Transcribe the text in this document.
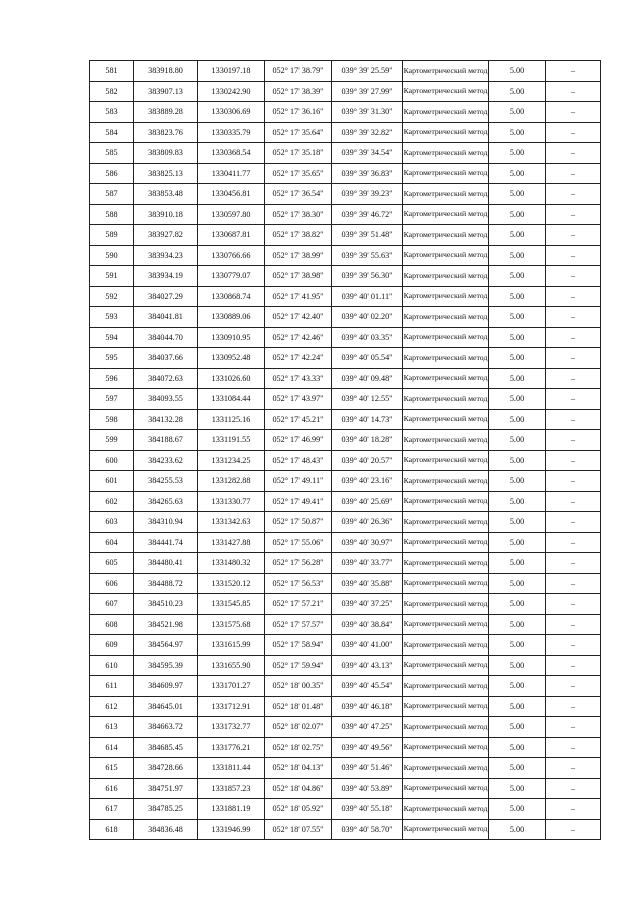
581	383918.80	1330197.18	052° 17' 38.79"	039° 39' 25.59"	Картометрический метод	5.00	–
582	383907.13	1330242.90	052° 17' 38.39"	039° 39' 27.99"	Картометрический метод	5.00	–
583	383889.28	1330306.69	052° 17' 36.16"	039° 39' 31.30"	Картометрический метод	5.00	–
584	383823.76	1330335.79	052° 17' 35.64"	039° 39' 32.82"	Картометрический метод	5.00	–
585	383809.83	1330368.54	052° 17' 35.18"	039° 39' 34.54"	Картометрический метод	5.00	–
586	383825.13	1330411.77	052° 17' 35.65"	039° 39' 36.83"	Картометрический метод	5.00	–
587	383853.48	1330456.81	052° 17' 36.54"	039° 39' 39.23"	Картометрический метод	5.00	–
588	383910.18	1330597.80	052° 17' 38.30"	039° 39' 46.72"	Картометрический метод	5.00	–
589	383927.82	1330687.81	052° 17' 38.82"	039° 39' 51.48"	Картометрический метод	5.00	–
590	383934.23	1330766.66	052° 17' 38.99"	039° 39' 55.63"	Картометрический метод	5.00	–
591	383934.19	1330779.07	052° 17' 38.98"	039° 39' 56.30"	Картометрический метод	5.00	–
592	384027.29	1330868.74	052° 17' 41.95"	039° 40' 01.11"	Картометрический метод	5.00	–
593	384041.81	1330889.06	052° 17' 42.40"	039° 40' 02.20"	Картометрический метод	5.00	–
594	384044.70	1330910.95	052° 17' 42.46"	039° 40' 03.35"	Картометрический метод	5.00	–
595	384037.66	1330952.48	052° 17' 42.24"	039° 40' 05.54"	Картометрический метод	5.00	–
596	384072.63	1331026.60	052° 17' 43.33"	039° 40' 09.48"	Картометрический метод	5.00	–
597	384093.55	1331084.44	052° 17' 43.97"	039° 40' 12.55"	Картометрический метод	5.00	–
598	384132.28	1331125.16	052° 17' 45.21"	039° 40' 14.73"	Картометрический метод	5.00	–
599	384188.67	1331191.55	052° 17' 46.99"	039° 40' 18.28"	Картометрический метод	5.00	–
600	384233.62	1331234.25	052° 17' 48.43"	039° 40' 20.57"	Картометрический метод	5.00	–
601	384255.53	1331282.88	052° 17' 49.11"	039° 40' 23.16"	Картометрический метод	5.00	–
602	384265.63	1331330.77	052° 17' 49.41"	039° 40' 25.69"	Картометрический метод	5.00	–
603	384310.94	1331342.63	052° 17' 50.87"	039° 40' 26.36"	Картометрический метод	5.00	–
604	384441.74	1331427.88	052° 17' 55.06"	039° 40' 30.97"	Картометрический метод	5.00	–
605	384480.41	1331480.32	052° 17' 56.28"	039° 40' 33.77"	Картометрический метод	5.00	–
606	384488.72	1331520.12	052° 17' 56.53"	039° 40' 35.88"	Картометрический метод	5.00	–
607	384510.23	1331545.85	052° 17' 57.21"	039° 40' 37.25"	Картометрический метод	5.00	–
608	384521.98	1331575.68	052° 17' 57.57"	039° 40' 38.84"	Картометрический метод	5.00	–
609	384564.97	1331615.99	052° 17' 58.94"	039° 40' 41.00"	Картометрический метод	5.00	–
610	384595.39	1331655.90	052° 17' 59.94"	039° 40' 43.13"	Картометрический метод	5.00	–
611	384609.97	1331701.27	052° 18' 00.35"	039° 40' 45.54"	Картометрический метод	5.00	–
612	384645.01	1331712.91	052° 18' 01.48"	039° 40' 46.18"	Картометрический метод	5.00	–
613	384663.72	1331732.77	052° 18' 02.07"	039° 40' 47.25"	Картометрический метод	5.00	–
614	384685.45	1331776.21	052° 18' 02.75"	039° 40' 49.56"	Картометрический метод	5.00	–
615	384728.66	1331811.44	052° 18' 04.13"	039° 40' 51.46"	Картометрический метод	5.00	–
616	384751.97	1331857.23	052° 18' 04.86"	039° 40' 53.89"	Картометрический метод	5.00	–
617	384785.25	1331881.19	052° 18' 05.92"	039° 40' 55.18"	Картометрический метод	5.00	–
618	384836.48	1331946.99	052° 18' 07.55"	039° 40' 58.70"	Картометрический метод	5.00	–
